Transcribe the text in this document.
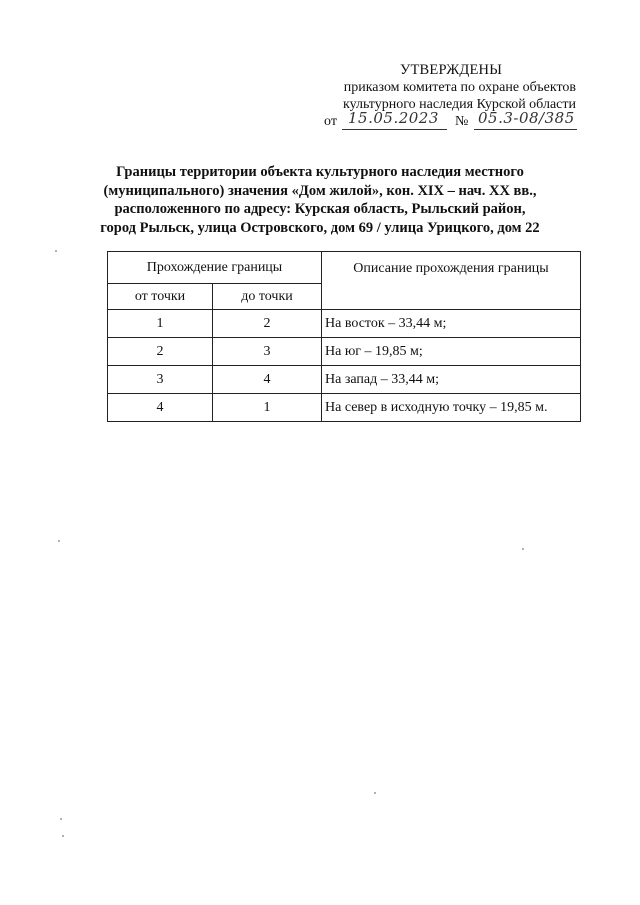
УТВЕРЖДЕНЫ
приказом комитета по охране объектов
культурного наследия Курской области
от 15.05.2023 № 05.3-08/385
Границы территории объекта культурного наследия местного
(муниципального) значения «Дом жилой», кон. XIX – нач. XX вв.,
расположенного по адресу: Курская область, Рыльский район,
город Рыльск, улица Островского, дом 69 / улица Урицкого, дом 22
Прохождение границы		Описание прохождения границы
от точки	до точки	
1	2	На восток – 33,44 м;
2	3	На юг – 19,85 м;
3	4	На запад – 33,44 м;
4	1	На север в исходную точку – 19,85 м.
